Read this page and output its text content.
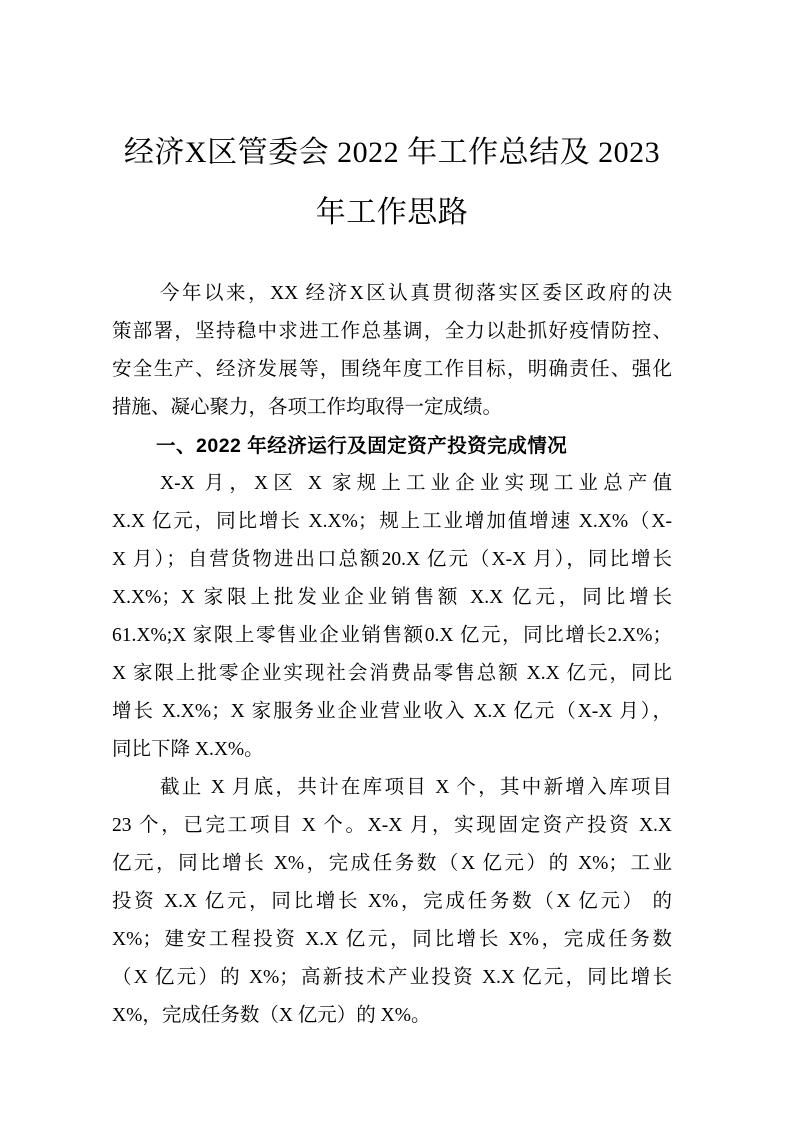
经济X区管委会 2022 年工作总结及 2023
年工作思路
今年以来，XX 经济X区认真贯彻落实区委区政府的决
策部署，坚持稳中求进工作总基调，全力以赴抓好疫情防控、
安全生产、经济发展等，围绕年度工作目标，明确责任、强化
措施、凝心聚力，各项工作均取得一定成绩。
一、2022 年经济运行及固定资产投资完成情况
X-X 月，X区 X 家规上工业企业实现工业总产值
X.X 亿元，同比增长 X.X%；规上工业增加值增速 X.X%（X-
X 月）；自营货物进出口总额20.X 亿元（X-X 月），同比增长
X.X%；X 家限上批发业企业销售额 X.X 亿元，同比增长
61.X%;X 家限上零售业企业销售额0.X 亿元，同比增长2.X%；
X 家限上批零企业实现社会消费品零售总额 X.X 亿元，同比
增长 X.X%；X 家服务业企业营业收入 X.X 亿元（X-X 月），
同比下降 X.X%。
截止 X 月底，共计在库项目 X 个，其中新增入库项目
23 个，已完工项目 X 个。X-X 月，实现固定资产投资 X.X
亿元，同比增长 X%，完成任务数（X 亿元）的 X%；工业
投资 X.X 亿元，同比增长 X%，完成任务数（X 亿元） 的
X%；建安工程投资 X.X 亿元，同比增长 X%，完成任务数
（X 亿元）的 X%；高新技术产业投资 X.X 亿元，同比增长
X%，完成任务数（X 亿元）的 X%。
